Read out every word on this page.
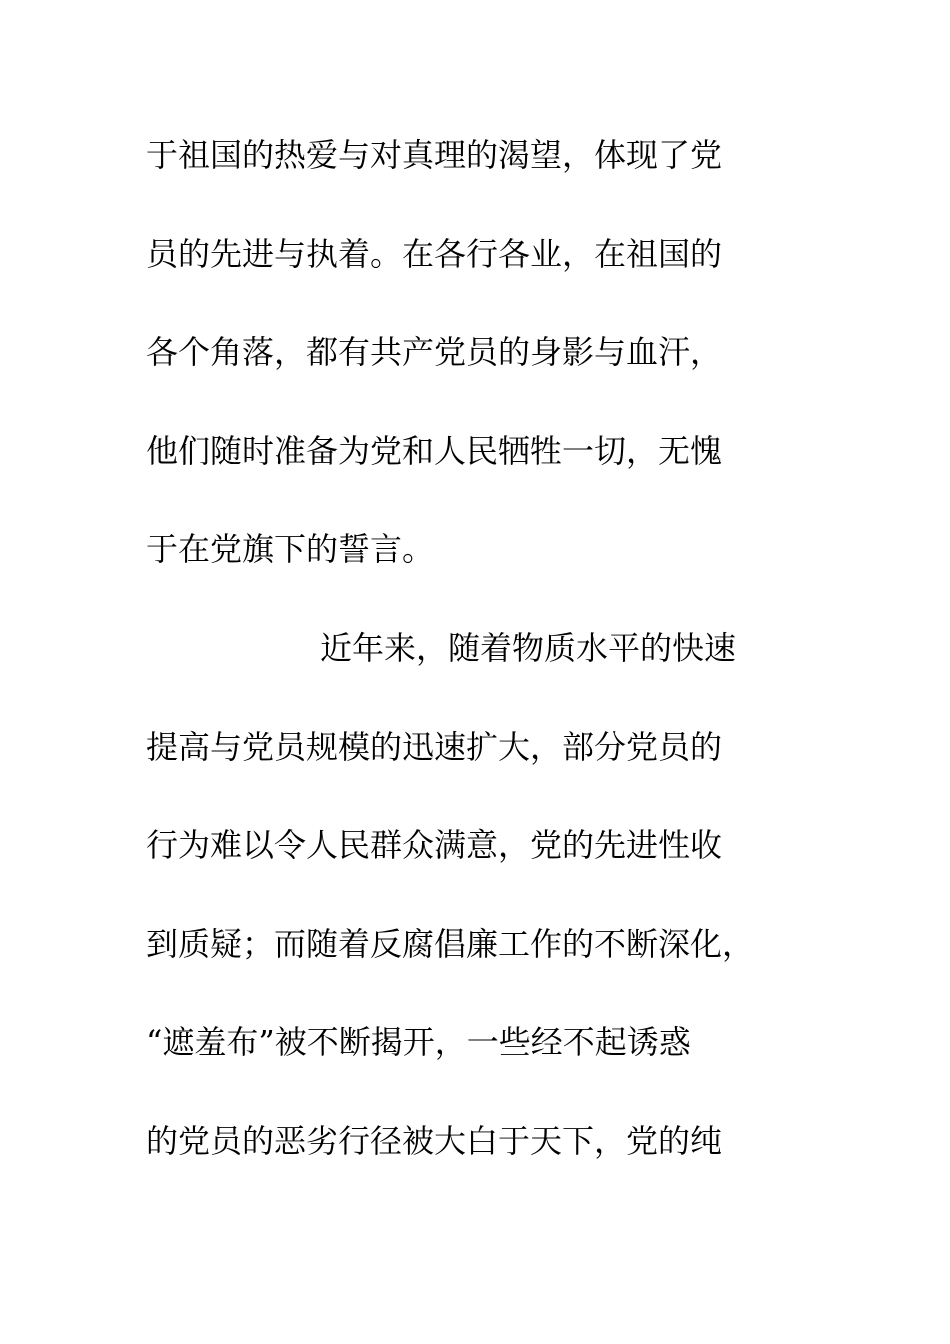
于祖国的热爱与对真理的渴望，体现了党
员的先进与执着。在各行各业，在祖国的
各个角落，都有共产党员的身影与血汗，
他们随时准备为党和人民牺牲一切，无愧
于在党旗下的誓言。
近年来，随着物质水平的快速
提高与党员规模的迅速扩大，部分党员的
行为难以令人民群众满意，党的先进性收
到质疑；而随着反腐倡廉工作的不断深化，
“遮羞布”被不断揭开，一些经不起诱惑
的党员的恶劣行径被大白于天下，党的纯
